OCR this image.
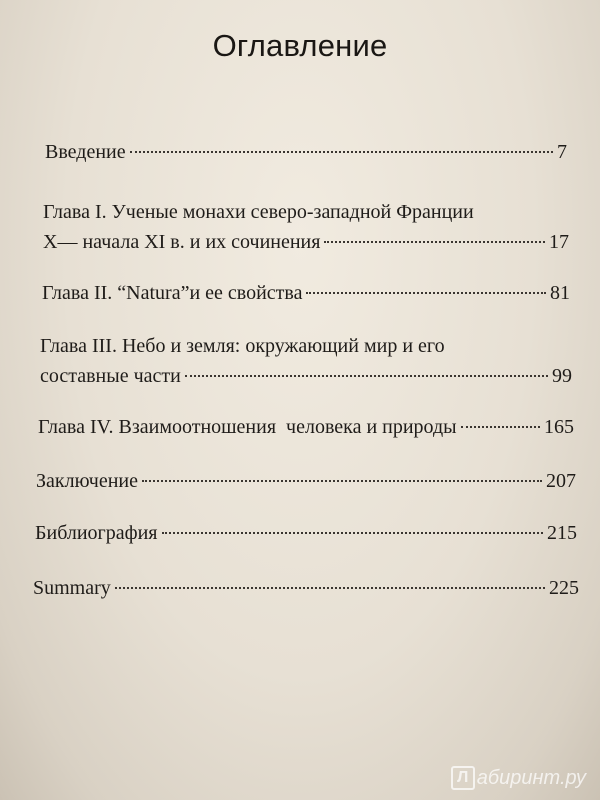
Оглавление
Введение	7
Глава I. Ученые монахи северо-западной Франции
X— начала XI в. и их сочинения	17
Глава II. “Natura”и ее свойства	81
Глава III. Небо и земля: окружающий мир и его
составные части	99
Глава IV. Взаимоотношения  человека и природы	165
Заключение	207
Библиография	215
Summary	225
Л абиринт.ру
